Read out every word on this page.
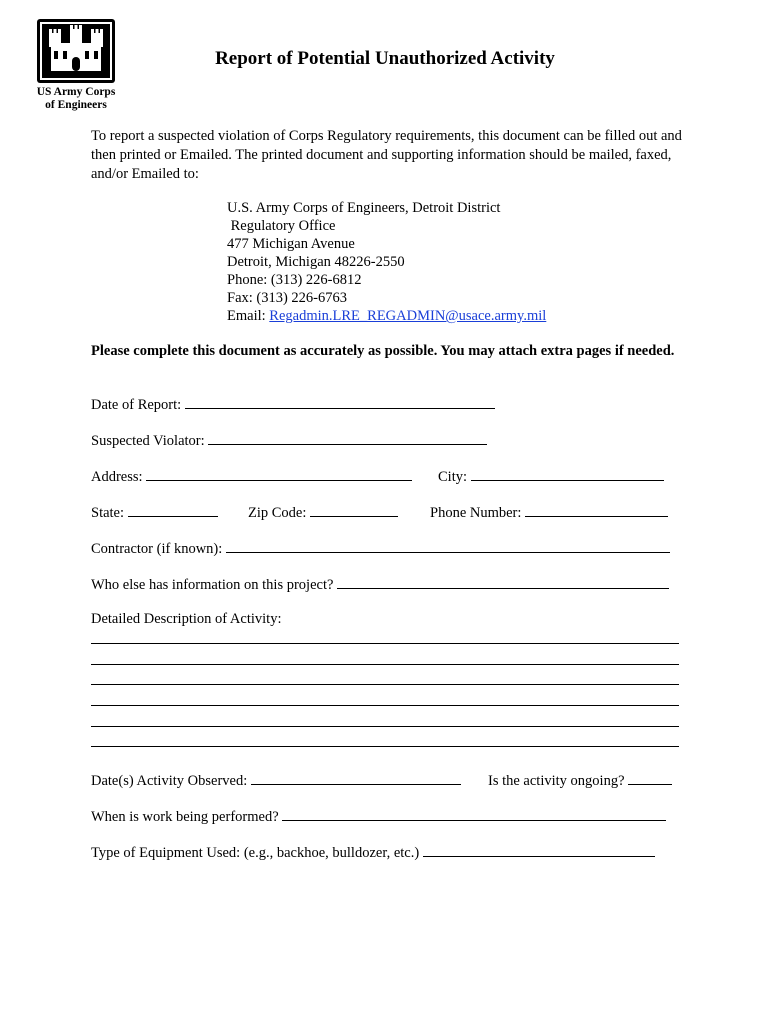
US Army Corps
of Engineers
Report of Potential Unauthorized Activity
To report a suspected violation of Corps Regulatory requirements, this document can be filled out and then printed or Emailed. The printed document and supporting information should be mailed, faxed, and/or Emailed to:
U.S. Army Corps of Engineers, Detroit District
Regulatory Office
477 Michigan Avenue
Detroit, Michigan 48226-2550
Phone: (313) 226-6812
Fax: (313) 226-6763
Email: Regadmin.LRE_REGADMIN@usace.army.mil
Please complete this document as accurately as possible. You may attach extra pages if needed.
Date of Report:
Suspected Violator:
Address:	City:
State:	Zip Code:	Phone Number:
Contractor (if known):
Who else has information on this project?
Detailed Description of Activity:
Date(s) Activity Observed:	Is the activity ongoing?
When is work being performed?
Type of Equipment Used: (e.g., backhoe, bulldozer, etc.)
